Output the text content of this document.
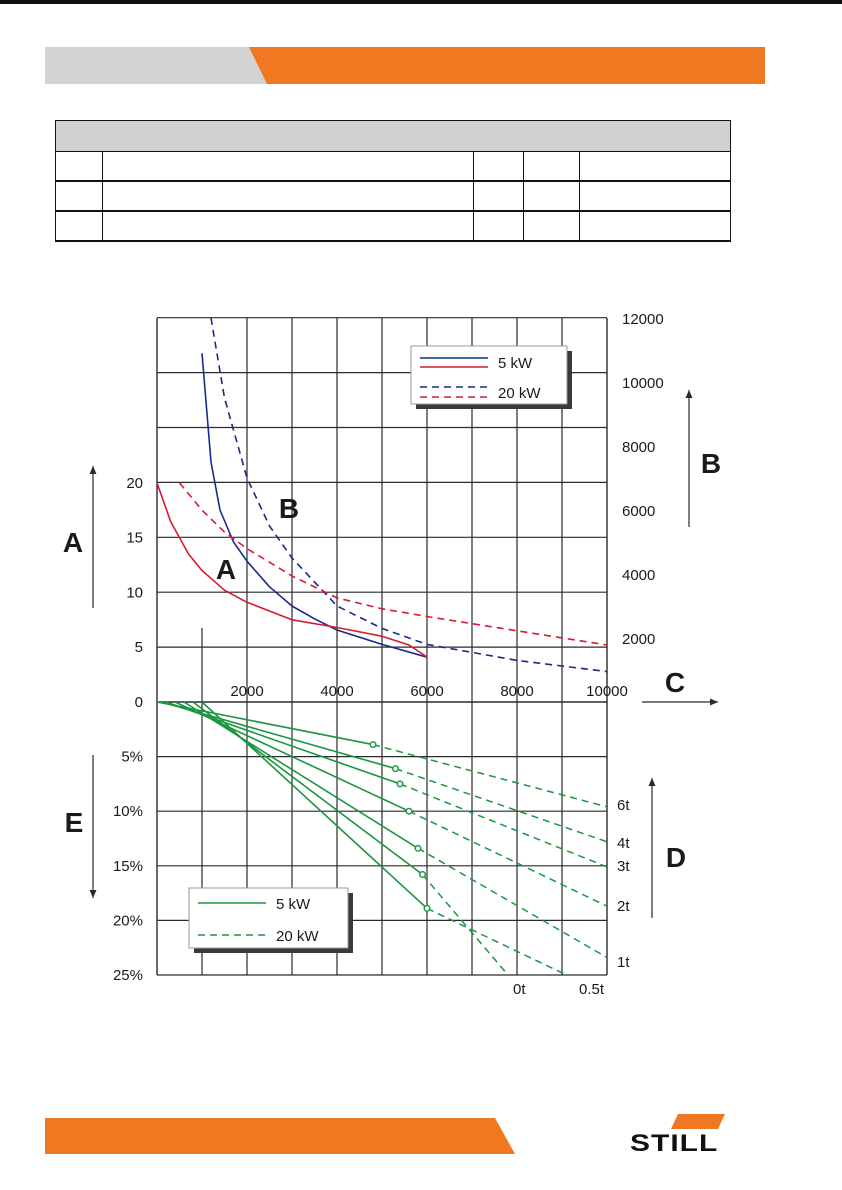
2000	4000	6000	8000	10000
20
15
10
5
0
12000
10000
8000
6000
4000
2000
5%
10%
15%
20%
25%
A
B
C
D
E
B
A
6t
4t
3t
2t
1t
0t	0.5t
5 kW
20 kW
5 kW
20 kW
STILL
